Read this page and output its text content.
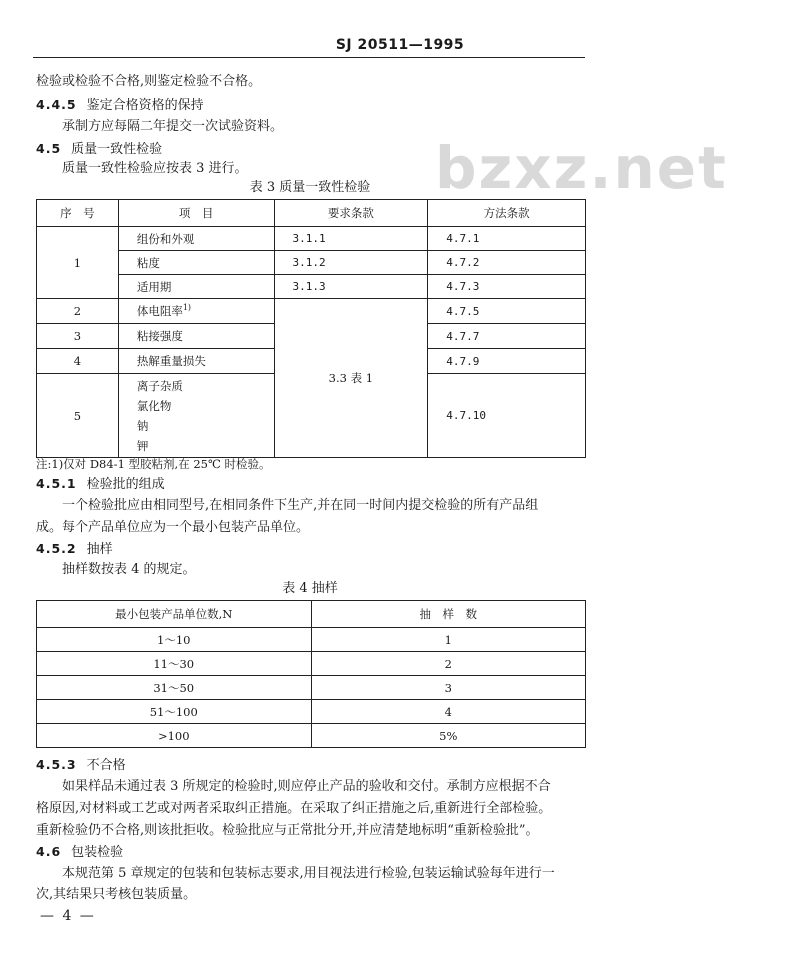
SJ 20511—1995
bzxz.net
检验或检验不合格,则鉴定检验不合格。
4.4.5 鉴定合格资格的保持
承制方应每隔二年提交一次试验资料。
4.5 质量一致性检验
质量一致性检验应按表 3 进行。
表 3 质量一致性检验
序　号	项　目	要求条款	方法条款
1	组份和外观	3.1.1	4.7.1
	粘度	3.1.2	4.7.2
	适用期	3.1.3	4.7.3
2	体电阻率$^{1)}$	3.3 表 1	4.7.5
3	粘接强度		4.7.7
4	热解重量损失		4.7.9
5	离子杂质
氯化物
钠
钾		4.7.10
注:1)仅对 D84-1 型胶粘剂,在 25℃ 时检验。
4.5.1 检验批的组成
一个检验批应由相同型号,在相同条件下生产,并在同一时间内提交检验的所有产品组
成。每个产品单位应为一个最小包装产品单位。
4.5.2 抽样
抽样数按表 4 的规定。
表 4 抽样
最小包装产品单位数,N	抽　样　数
1～10	1
11～30	2
31～50	3
51～100	4
>100	5%
4.5.3 不合格
如果样品未通过表 3 所规定的检验时,则应停止产品的验收和交付。承制方应根据不合
格原因,对材料或工艺或对两者采取纠正措施。在采取了纠正措施之后,重新进行全部检验。
重新检验仍不合格,则该批拒收。检验批应与正常批分开,并应清楚地标明“重新检验批”。
4.6 包装检验
本规范第 5 章规定的包装和包装标志要求,用目视法进行检验,包装运输试验每年进行一
次,其结果只考核包装质量。
— 4 —
